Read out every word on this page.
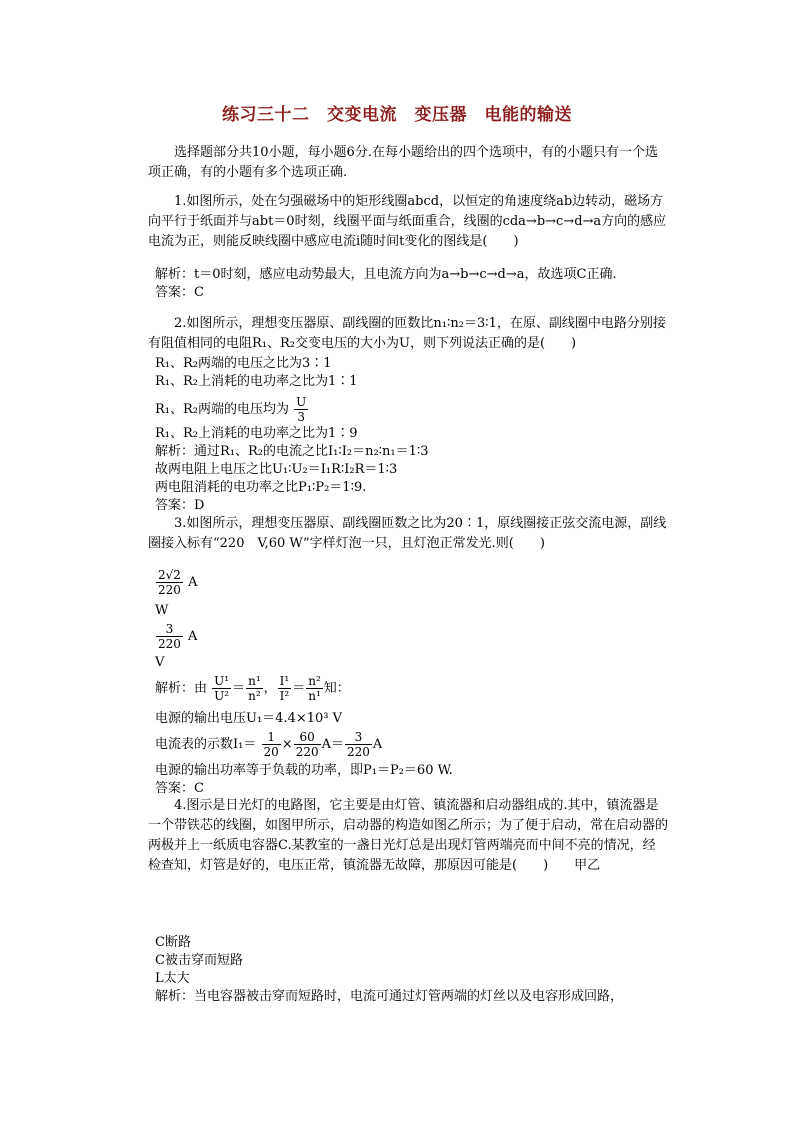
练习三十二　交变电流　变压器　电能的输送
选择题部分共10小题，每小题6分.在每小题给出的四个选项中，有的小题只有一个选项正确，有的小题有多个选项正确.
1.如图所示，处在匀强磁场中的矩形线圈abcd，以恒定的角速度绕ab边转动，磁场方向平行于纸面并与abt＝0时刻，线圈平面与纸面重合，线圈的cda→b→c→d→a方向的感应电流为正，则能反映线圈中感应电流i随时间t变化的图线是(　　)
解析：t＝0时刻，感应电动势最大，且电流方向为a→b→c→d→a，故选项C正确.
答案：C
2.如图所示，理想变压器原、副线圈的匝数比n₁∶n₂＝3∶1，在原、副线圈中电路分别接有阻值相同的电阻R₁、R₂交变电压的大小为U，则下列说法正确的是(　　)
R₁、R₂两端的电压之比为3∶1
R₁、R₂上消耗的电功率之比为1∶1
R₁、R₂两端的电压均为 $\frac{U}{3}$
R₁、R₂上消耗的电功率之比为1∶9
解析：通过R₁、R₂的电流之比I₁∶I₂＝n₂∶n₁＝1∶3
故两电阻上电压之比U₁∶U₂＝I₁R∶I₂R＝1∶3
两电阻消耗的电功率之比P₁∶P₂＝1∶9.
答案：D
3.如图所示，理想变压器原、副线圈匝数之比为20∶1，原线圈接正弦交流电源，副线圈接入标有“220　V,60 W”字样灯泡一只，且灯泡正常发光.则(　　)
$\frac{2√2}{220}$ A
W
$\frac{3}{220}$ A
V
解析：由 $\frac{\text{U¹}}{\text{U²}} = \frac{\text{n¹}}{\text{n²}}$ ， $\frac{\text{I¹}}{\text{I²}} = \frac{\text{n²}}{\text{n¹}}$ 知：
电源的输出电压U₁＝4.4×10³ V
电流表的示数$I_1= \frac{1}{20} \times \frac{60}{220} A= \frac{3}{220}$ A
电源的输出功率等于负载的功率，即P₁＝P₂＝60 W.
答案：C
4.图示是日光灯的电路图，它主要是由灯管、镇流器和启动器组成的.其中，镇流器是一个带铁芯的线圈，如图甲所示，启动器的构造如图乙所示；为了便于启动，常在启动器的两极并上一纸质电容器C.某教室的一盏日光灯总是出现灯管两端亮而中间不亮的情况，经检查知，灯管是好的，电压正常，镇流器无故障，那原因可能是(　　)　　甲乙
C断路
C被击穿而短路
L太大
解析：当电容器被击穿而短路时，电流可通过灯管两端的灯丝以及电容形成回路，
